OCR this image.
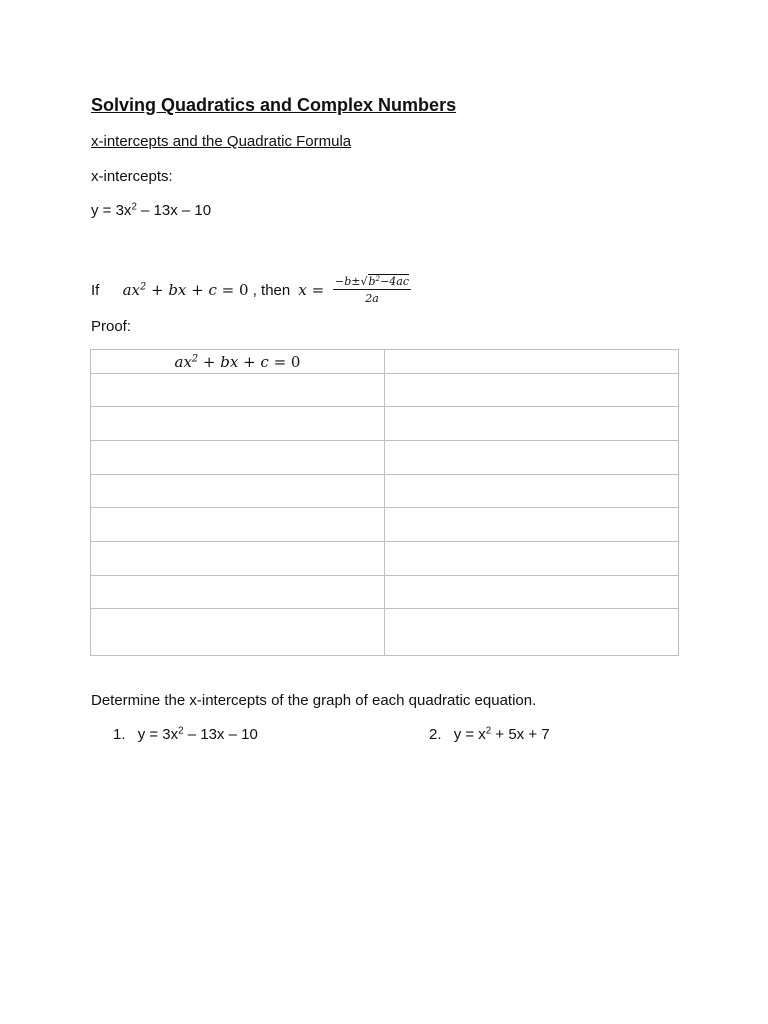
Solving Quadratics and Complex Numbers
x-intercepts and the Quadratic Formula
x-intercepts:
$y = 3x^2 - 13x - 10$
If	$ax^2$ + bx + c = 0
, then $x = \frac{-b\pm√b^2-4ac}{2a}$
Proof:
$ax^2$ + bx + c = 0	

Determine the x-intercepts of the graph of each quadratic equation.
1. $y = 3x^2 - 13x - 10$	2. $y = x^2 + 5x + 7$
